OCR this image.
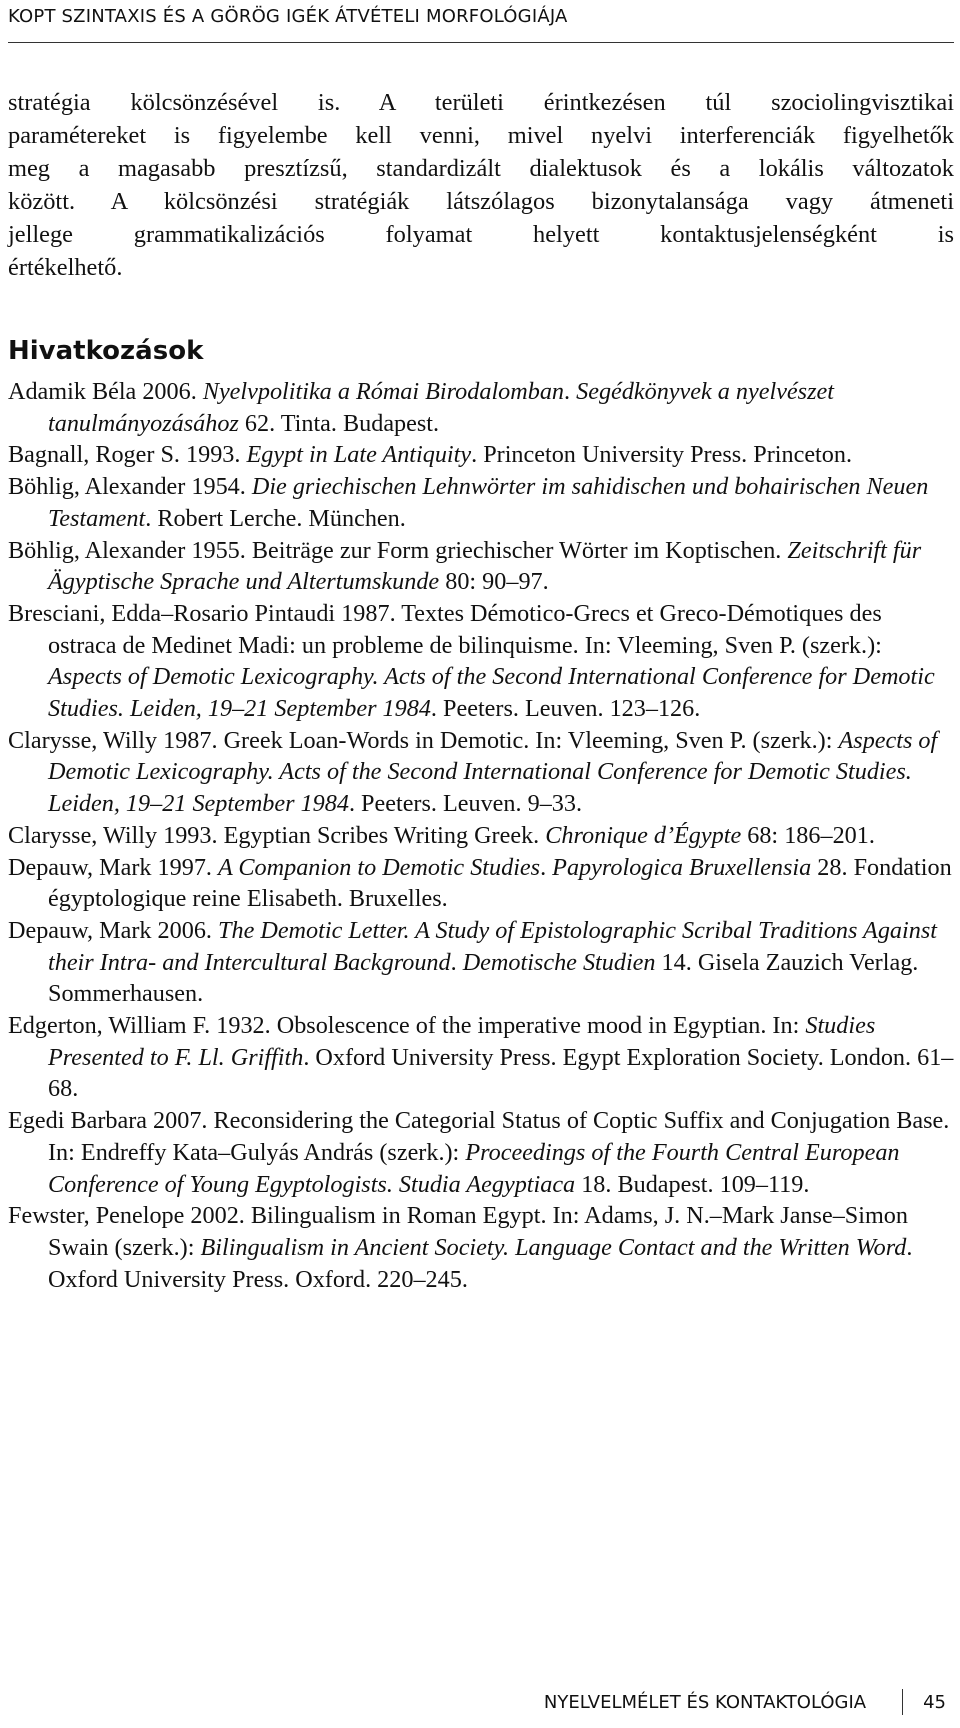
KOPT SZINTAXIS ÉS A GÖRÖG IGÉK ÁTVÉTELI MORFOLÓGIÁJA
stratégia kölcsönzésével is. A területi érintkezésen túl szociolingvisztikai
paramétereket is figyelembe kell venni, mivel nyelvi interferenciák figyelhetők
meg a magasabb presztízsű, standardizált dialektusok és a lokális változatok
között. A kölcsönzési stratégiák látszólagos bizonytalansága vagy átmeneti
jellege grammatikalizációs folyamat helyett kontaktusjelenségként is
értékelhető.
Hivatkozások

Adamik Béla 2006. Nyelvpolitika a Római Birodalomban. Segédkönyvek a nyelvészet tanulmányozásához 62. Tinta. Budapest.

Bagnall, Roger S. 1993. Egypt in Late Antiquity. Princeton University Press. Princeton.

Böhlig, Alexander 1954. Die griechischen Lehnwörter im sahidischen und bohairischen Neuen Testament. Robert Lerche. München.

Böhlig, Alexander 1955. Beiträge zur Form griechischer Wörter im Koptischen. Zeitschrift für Ägyptische Sprache und Altertumskunde 80: 90–97.

Bresciani, Edda–Rosario Pintaudi 1987. Textes Démotico-Grecs et Greco-Démotiques des ostraca de Medinet Madi: un probleme de bilinquisme. In: Vleeming, Sven P. (szerk.): Aspects of Demotic Lexicography. Acts of the Second International Conference for Demotic Studies. Leiden, 19–21 September 1984. Peeters. Leuven. 123–126.

Clarysse, Willy 1987. Greek Loan-Words in Demotic. In: Vleeming, Sven P. (szerk.): Aspects of Demotic Lexicography. Acts of the Second International Conference for Demotic Studies. Leiden, 19–21 September 1984. Peeters. Leuven. 9–33.

Clarysse, Willy 1993. Egyptian Scribes Writing Greek. Chronique d’Égypte 68: 186–201.

Depauw, Mark 1997. A Companion to Demotic Studies. Papyrologica Bruxellensia 28. Fondation égyptologique reine Elisabeth. Bruxelles.

Depauw, Mark 2006. The Demotic Letter. A Study of Epistolographic Scribal Traditions Against their Intra- and Intercultural Background. Demotische Studien 14. Gisela Zauzich Verlag. Sommerhausen.

Edgerton, William F. 1932. Obsolescence of the imperative mood in Egyptian. In: Studies Presented to F. Ll. Griffith. Oxford University Press. Egypt Exploration Society. London. 61–68.

Egedi Barbara 2007. Reconsidering the Categorial Status of Coptic Suffix and Conjugation Base. In: Endreffy Kata–Gulyás András (szerk.): Proceedings of the Fourth Central European Conference of Young Egyptologists. Studia Aegyptiaca 18. Budapest. 109–119.

Fewster, Penelope 2002. Bilingualism in Roman Egypt. In: Adams, J. N.–Mark Janse–Simon Swain (szerk.): Bilingualism in Ancient Society. Language Contact and the Written Word. Oxford University Press. Oxford. 220–245.

NYELVELMÉLET ÉS KONTAKTOLÓGIA	45
